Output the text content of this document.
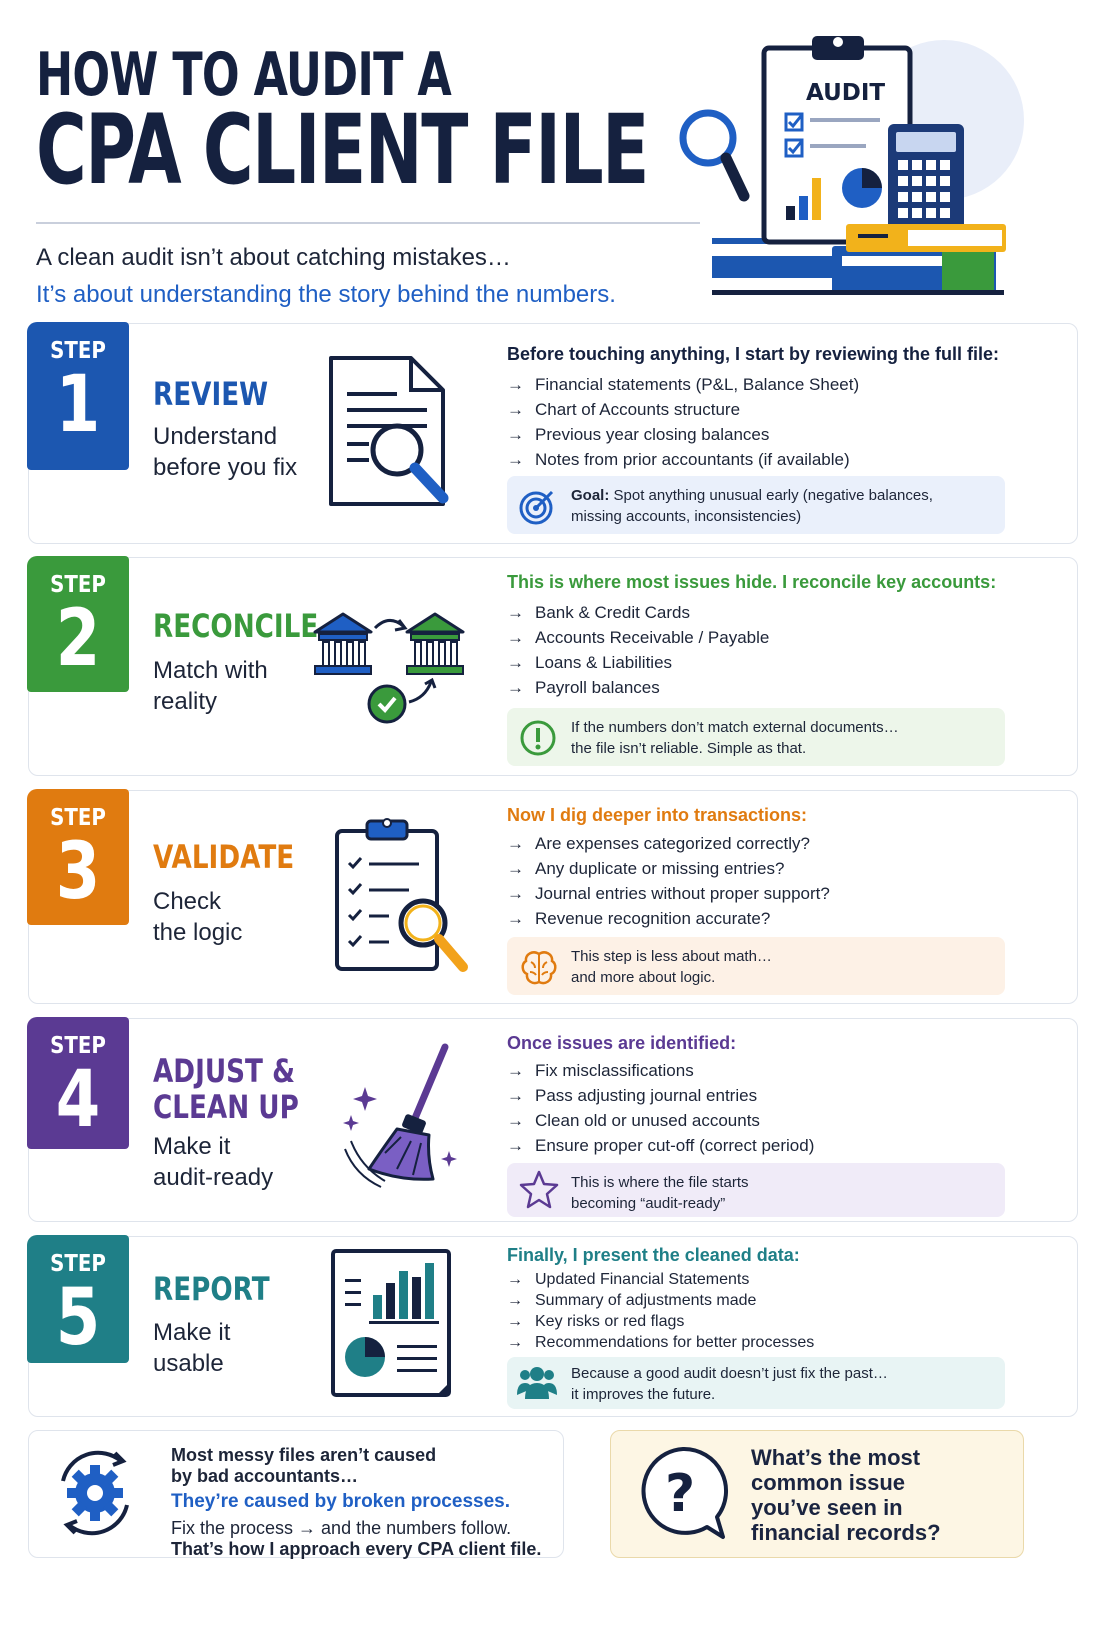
HOW TO AUDIT A
CPA CLIENT FILE
AUDIT
A clean audit isn’t about catching mistakes…
It’s about understanding the story behind the numbers.
STEP
1	REVIEW
Understand
before you fix
Before touching anything, I start by reviewing the full file:
→ Financial statements (P&L, Balance Sheet)
→ Chart of Accounts structure
→ Previous year closing balances
→ Notes from prior accountants (if available)
Goal: Spot anything unusual early (negative balances,
missing accounts, inconsistencies)
STEP
2	RECONCILE
Match with
reality
This is where most issues hide. I reconcile key accounts:
→ Bank & Credit Cards
→ Accounts Receivable / Payable
→ Loans & Liabilities
→ Payroll balances
If the numbers don’t match external documents…
the file isn’t reliable. Simple as that.
STEP
3	VALIDATE
Check
the logic
Now I dig deeper into transactions:
→ Are expenses categorized correctly?
→ Any duplicate or missing entries?
→ Journal entries without proper support?
→ Revenue recognition accurate?
This step is less about math…
and more about logic.
STEP
4	ADJUST &
CLEAN UP
Make it
audit-ready
Once issues are identified:
→ Fix misclassifications
→ Pass adjusting journal entries
→ Clean old or unused accounts
→ Ensure proper cut-off (correct period)
This is where the file starts
becoming “audit-ready”
STEP
5	REPORT
Make it
usable
Finally, I present the cleaned data:
→ Updated Financial Statements
→ Summary of adjustments made
→ Key risks or red flags
→ Recommendations for better processes
Because a good audit doesn’t just fix the past…
it improves the future.
Most messy files aren’t caused
by bad accountants…
They’re caused by broken processes.
Fix the process → and the numbers follow.
That’s how I approach every CPA client file.
?
What’s the most
common issue
you’ve seen in
financial records?
